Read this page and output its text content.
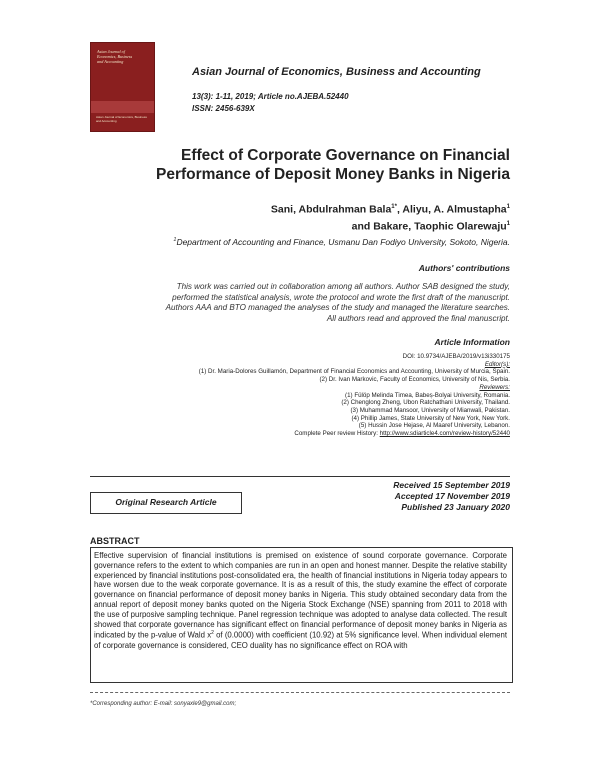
Asian Journal of
Economics, Business
and Accounting
Asian Journal of Economics, Business and Accounting
Asian Journal of Economics, Business and Accounting
13(3): 1-11, 2019; Article no.AJEBA.52440
ISSN: 2456-639X
Effect of Corporate Governance on Financial
Performance of Deposit Money Banks in Nigeria
Sani, Abdulrahman Bala$^{1*}$, Aliyu, A. Almustapha$^1$
and Bakare, Taophic Olarewaju$^1$
$^1$Department of Accounting and Finance, Usmanu Dan Fodiyo University, Sokoto, Nigeria.
Authors' contributions
This work was carried out in collaboration among all authors. Author SAB designed the study,
performed the statistical analysis, wrote the protocol and wrote the first draft of the manuscript.
Authors AAA and BTO managed the analyses of the study and managed the literature searches.
All authors read and approved the final manuscript.
Article Information
DOI: 10.9734/AJEBA/2019/v13i330175
Editor(s):
(1) Dr. Maria-Dolores Guillamón, Department of Financial Economics and Accounting, University of Murcia, Spain.
(2) Dr. Ivan Markovic, Faculty of Economics, University of Nis, Serbia.
Reviewers:
(1) Fülöp Melinda Timea, Babeș-Bolyai University, Romania.
(2) Chenglong Zheng, Ubon Ratchathani University, Thailand.
(3) Muhammad Mansoor, University of Mianwali, Pakistan.
(4) Phillip James, State University of New York, New York.
(5) Hussin Jose Hejase, Al Maaref University, Lebanon.
Complete Peer review History: http://www.sdiarticle4.com/review-history/52440
Original Research Article
Received 15 September 2019
Accepted 17 November 2019
Published 23 January 2020
ABSTRACT
Effective supervision of financial institutions is premised on existence of sound corporate governance. Corporate governance refers to the extent to which companies are run in an open and honest manner. Despite the relative stability experienced by financial institutions post-consolidated era, the health of financial institutions in Nigeria today appears to have worsen due to the weak corporate governance. It is as a result of this, the study examine the effect of corporate governance on financial performance of deposit money banks in Nigeria. This study obtained secondary data from the annual report of deposit money banks quoted on the Nigeria Stock Exchange (NSE) spanning from 2011 to 2018 with the use of purposive sampling technique. Panel regression technique was adopted to analyse data collected. The result showed that corporate governance has significant effect on financial performance of deposit money banks in Nigeria as indicated by the p-value of Wald $x^2$ of (0.0000) with coefficient (10.92) at 5% significance level. When individual element of corporate governance is considered, CEO duality has no significance effect on ROA with
*Corresponding author: E-mail: sonyaxle9@gmail.com;
